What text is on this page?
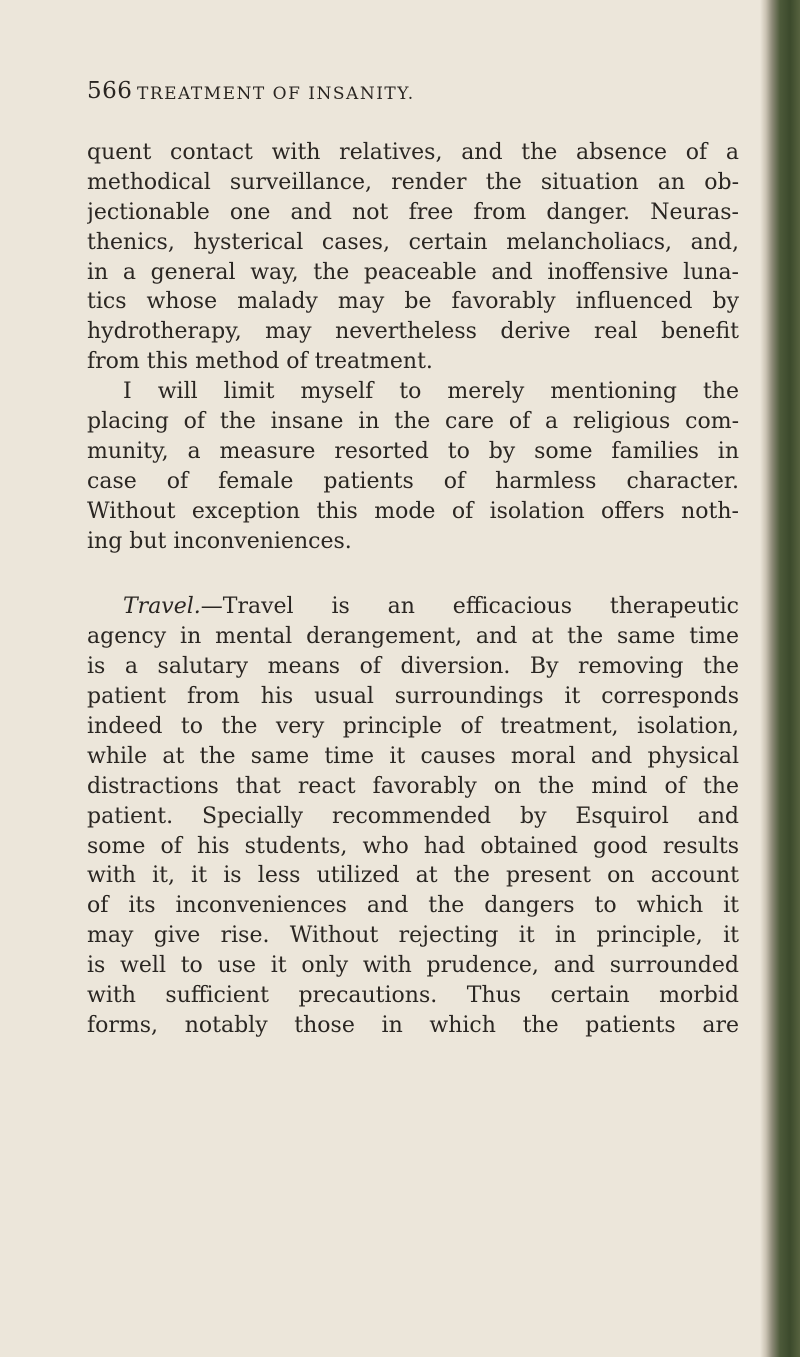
566 TREATMENT OF INSANITY.
quent contact with relatives, and the absence of a
methodical surveillance, render the situation an ob-
jectionable one and not free from danger. Neuras-
thenics, hysterical cases, certain melancholiacs, and,
in a general way, the peaceable and inoffensive luna-
tics whose malady may be favorably influenced by
hydrotherapy, may nevertheless derive real benefit
from this method of treatment.
I will limit myself to merely mentioning the
placing of the insane in the care of a religious com-
munity, a measure resorted to by some families in
case of female patients of harmless character.
Without exception this mode of isolation offers noth-
ing but inconveniences.
Travel.—Travel is an efficacious therapeutic
agency in mental derangement, and at the same time
is a salutary means of diversion. By removing the
patient from his usual surroundings it corresponds
indeed to the very principle of treatment, isolation,
while at the same time it causes moral and physical
distractions that react favorably on the mind of the
patient. Specially recommended by Esquirol and
some of his students, who had obtained good results
with it, it is less utilized at the present on account
of its inconveniences and the dangers to which it
may give rise. Without rejecting it in principle, it
is well to use it only with prudence, and surrounded
with sufficient precautions. Thus certain morbid
forms, notably those in which the patients are
